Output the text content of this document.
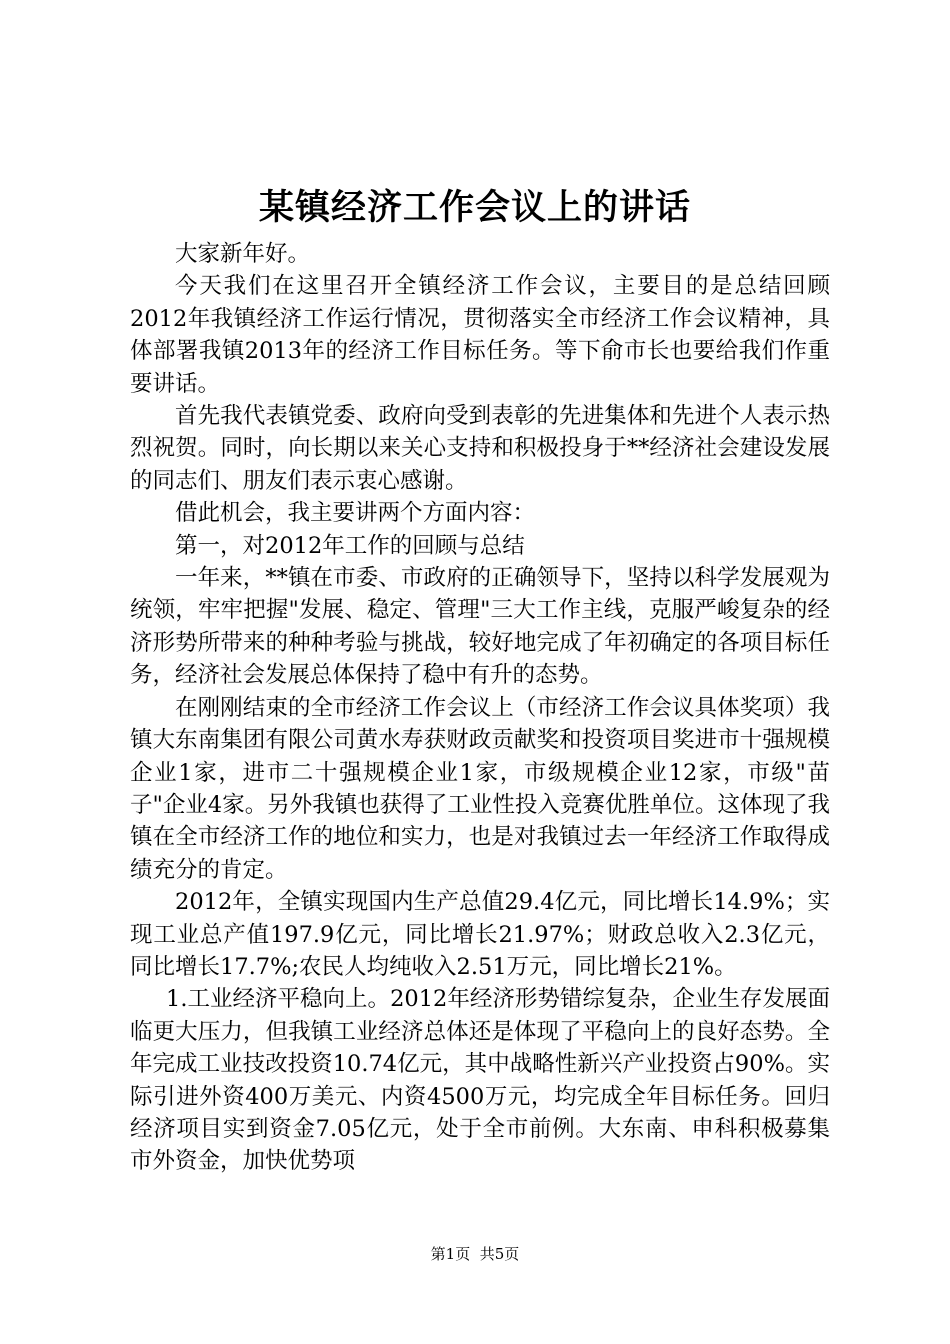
某镇经济工作会议上的讲话

大家新年好。

今天我们在这里召开全镇经济工作会议，主要目的是总结回顾2012年我镇经济工作运行情况，贯彻落实全市经济工作会议精神，具体部署我镇2013年的经济工作目标任务。等下俞市长也要给我们作重要讲话。

首先我代表镇党委、政府向受到表彰的先进集体和先进个人表示热烈祝贺。同时，向长期以来关心支持和积极投身于**经济社会建设发展的同志们、朋友们表示衷心感谢。

借此机会，我主要讲两个方面内容：

第一，对2012年工作的回顾与总结

一年来，**镇在市委、市政府的正确领导下，坚持以科学发展观为统领，牢牢把握"发展、稳定、管理"三大工作主线，克服严峻复杂的经济形势所带来的种种考验与挑战，较好地完成了年初确定的各项目标任务，经济社会发展总体保持了稳中有升的态势。

在刚刚结束的全市经济工作会议上（市经济工作会议具体奖项）我镇大东南集团有限公司黄水寿获财政贡献奖和投资项目奖进市十强规模企业1家，进市二十强规模企业1家，市级规模企业12家，市级"苗子"企业4家。另外我镇也获得了工业性投入竞赛优胜单位。这体现了我镇在全市经济工作的地位和实力，也是对我镇过去一年经济工作取得成绩充分的肯定。

2012年，全镇实现国内生产总值29.4亿元，同比增长14.9%；实现工业总产值197.9亿元，同比增长21.97%；财政总收入2.3亿元，同比增长17.7%;农民人均纯收入2.51万元，同比增长21%。

1.工业经济平稳向上。2012年经济形势错综复杂，企业生存发展面临更大压力，但我镇工业经济总体还是体现了平稳向上的良好态势。全年完成工业技改投资10.74亿元，其中战略性新兴产业投资占90%。实际引进外资400万美元、内资4500万元，均完成全年目标任务。回归经济项目实到资金7.05亿元，处于全市前例。大东南、申科积极募集市外资金，加快优势项

第1页 共5页
